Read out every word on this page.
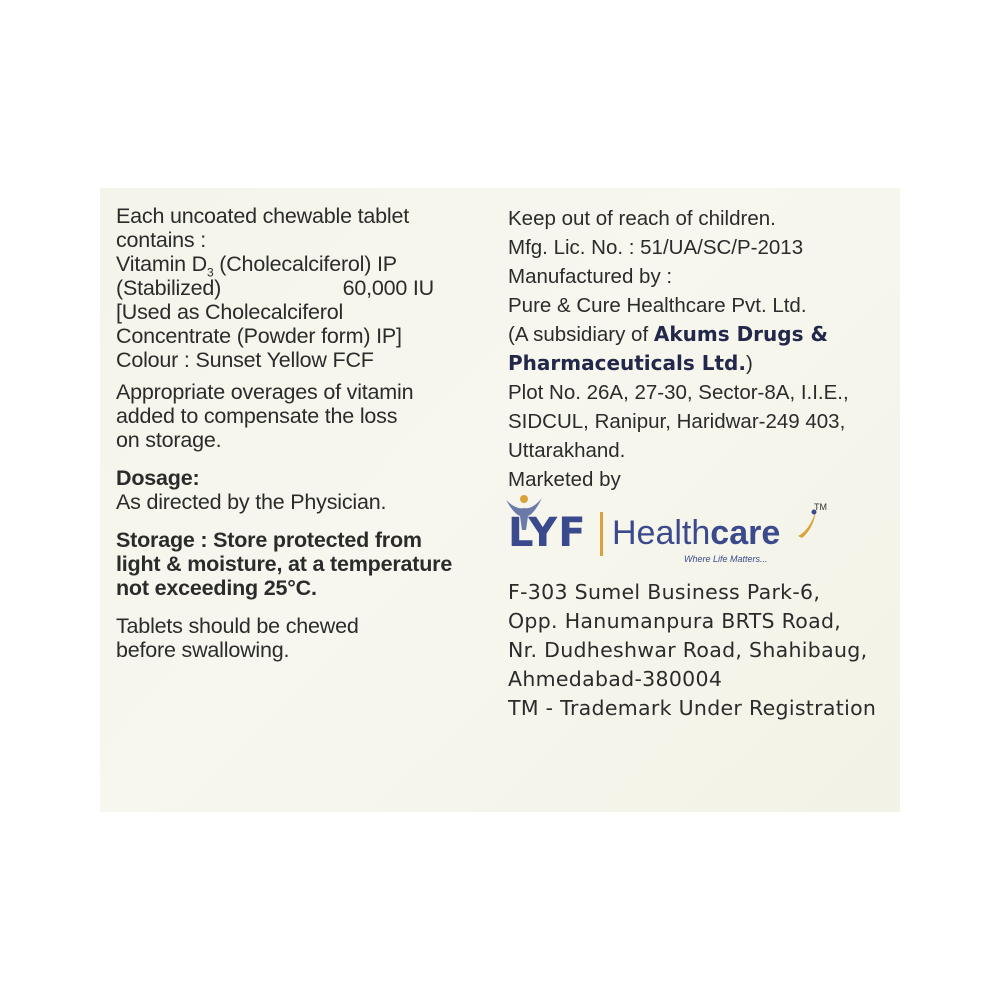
Each uncoated chewable tablet
contains :
Vitamin $D_3$ (Cholecalciferol) IP
(Stabilized)	60,000 IU
[Used as Cholecalciferol
Concentrate (Powder form) IP]
Colour : Sunset Yellow FCF
Appropriate overages of vitamin
added to compensate the loss
on storage.
Dosage:
As directed by the Physician.
Storage : Store protected from
light & moisture, at a temperature
not exceeding 25°C.
Tablets should be chewed
before swallowing.
Keep out of reach of children.
Mfg. Lic. No. : 51/UA/SC/P-2013
Manufactured by :
Pure & Cure Healthcare Pvt. Ltd.
(A subsidiary of Akums Drugs &
Pharmaceuticals Ltd.)
Plot No. 26A, 27-30, Sector-8A, I.I.E.,
SIDCUL, Ranipur, Haridwar-249 403,
Uttarakhand.
Marketed by
LYF Healthcare
TM
Where Life Matters...
F-303 Sumel Business Park-6,
Opp. Hanumanpura BRTS Road,
Nr. Dudheshwar Road, Shahibaug,
Ahmedabad-380004
TM - Trademark Under Registration
